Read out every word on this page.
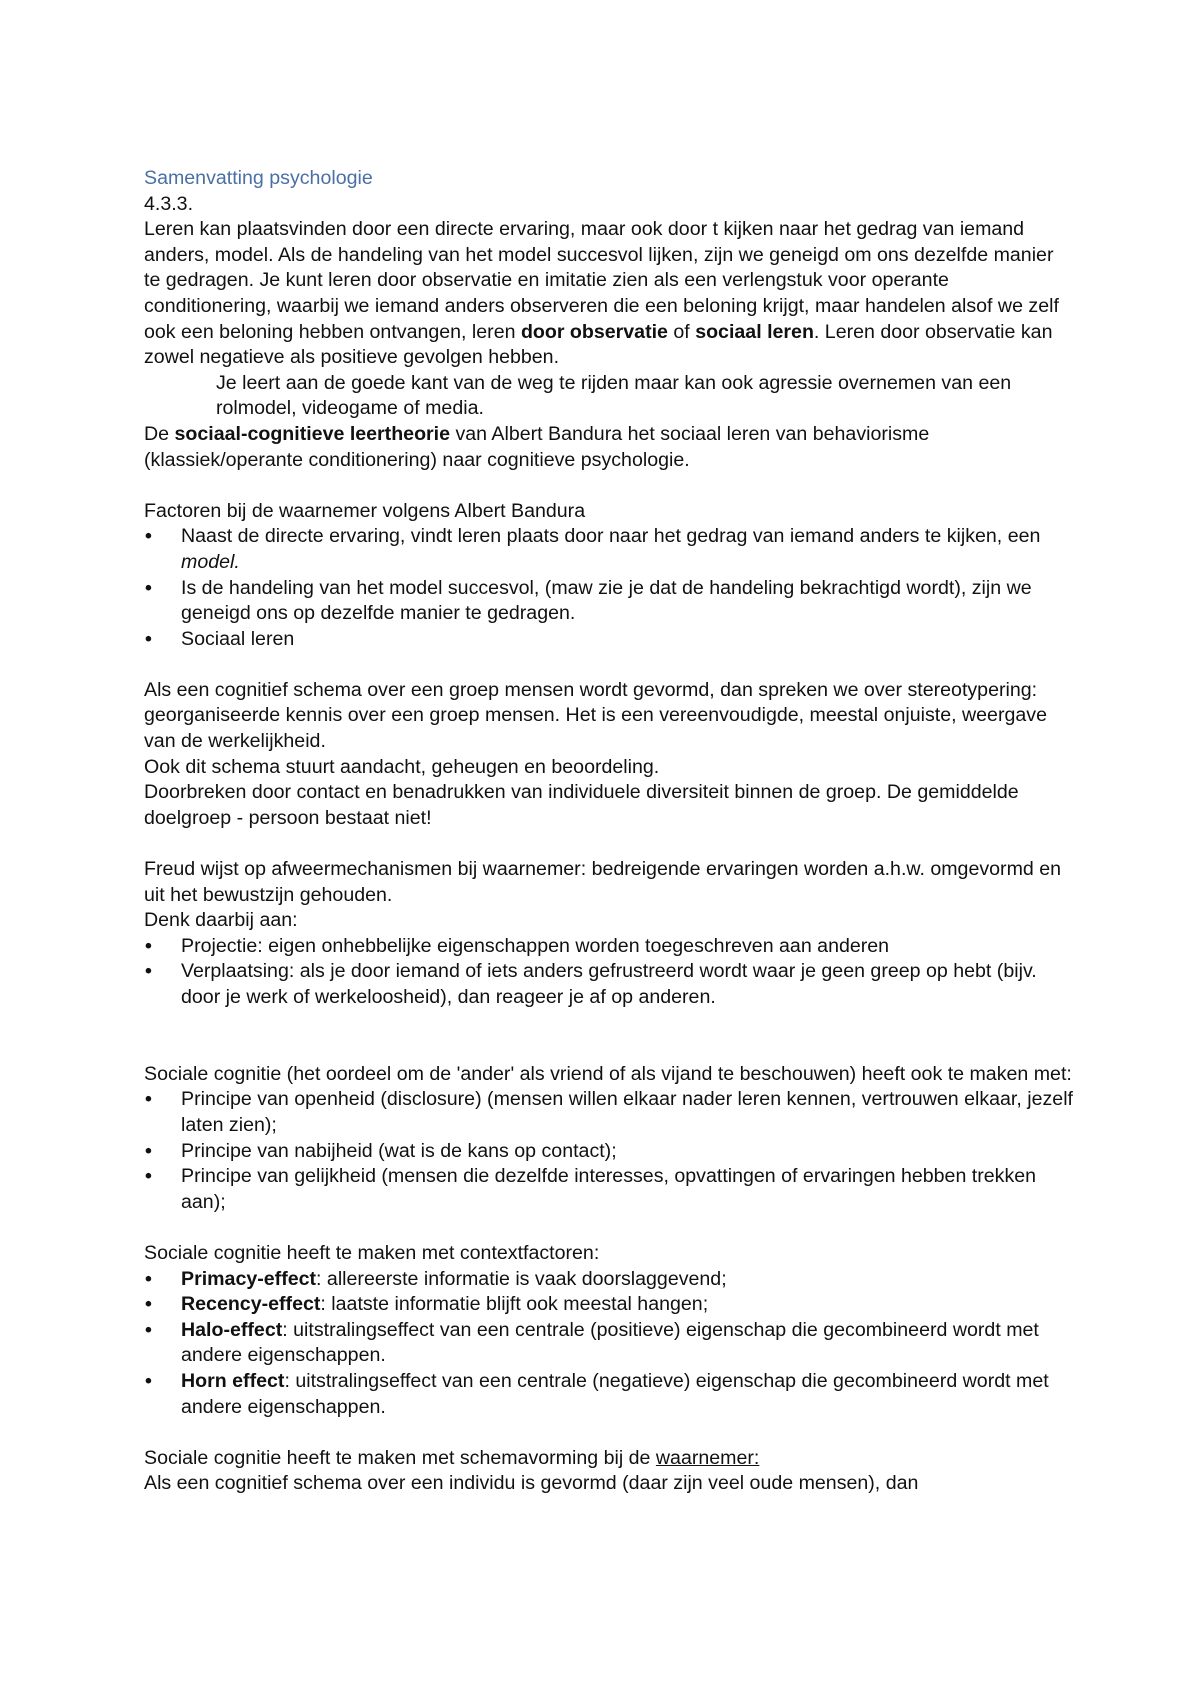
Samenvatting psychologie

4.3.3.

Leren kan plaatsvinden door een directe ervaring, maar ook door t kijken naar het gedrag van iemand anders, model. Als de handeling van het model succesvol lijken, zijn we geneigd om ons dezelfde manier te gedragen. Je kunt leren door observatie en imitatie zien als een verlengstuk voor operante conditionering, waarbij we iemand anders observeren die een beloning krijgt, maar handelen alsof we zelf ook een beloning hebben ontvangen, leren door observatie of sociaal leren. Leren door observatie kan zowel negatieve als positieve gevolgen hebben.

Je leert aan de goede kant van de weg te rijden maar kan ook agressie overnemen van een rolmodel, videogame of media.

De sociaal-cognitieve leertheorie van Albert Bandura het sociaal leren van behaviorisme (klassiek/operante conditionering) naar cognitieve psychologie.

Factoren bij de waarnemer volgens Albert Bandura

• Naast de directe ervaring, vindt leren plaats door naar het gedrag van iemand anders te kijken, een model.
• Is de handeling van het model succesvol, (maw zie je dat de handeling bekrachtigd wordt), zijn we geneigd ons op dezelfde manier te gedragen.
• Sociaal leren

Als een cognitief schema over een groep mensen wordt gevormd, dan spreken we over stereotypering: georganiseerde kennis over een groep mensen. Het is een vereenvoudigde, meestal onjuiste, weergave van de werkelijkheid.

Ook dit schema stuurt aandacht, geheugen en beoordeling.

Doorbreken door contact en benadrukken van individuele diversiteit binnen de groep. De gemiddelde doelgroep - persoon bestaat niet!

Freud wijst op afweermechanismen bij waarnemer: bedreigende ervaringen worden a.h.w. omgevormd en uit het bewustzijn gehouden.

Denk daarbij aan:

• Projectie: eigen onhebbelijke eigenschappen worden toegeschreven aan anderen
• Verplaatsing: als je door iemand of iets anders gefrustreerd wordt waar je geen greep op hebt (bijv. door je werk of werkeloosheid), dan reageer je af op anderen.

Sociale cognitie (het oordeel om de 'ander' als vriend of als vijand te beschouwen) heeft ook te maken met:

• Principe van openheid (disclosure) (mensen willen elkaar nader leren kennen, vertrouwen elkaar, jezelf laten zien);
• Principe van nabijheid (wat is de kans op contact);
• Principe van gelijkheid (mensen die dezelfde interesses, opvattingen of ervaringen hebben trekken aan);

Sociale cognitie heeft te maken met contextfactoren:

• Primacy-effect: allereerste informatie is vaak doorslaggevend;
• Recency-effect: laatste informatie blijft ook meestal hangen;
• Halo-effect: uitstralingseffect van een centrale (positieve) eigenschap die gecombineerd wordt met andere eigenschappen.
• Horn effect: uitstralingseffect van een centrale (negatieve) eigenschap die gecombineerd wordt met andere eigenschappen.

Sociale cognitie heeft te maken met schemavorming bij de waarnemer:

Als een cognitief schema over een individu is gevormd (daar zijn veel oude mensen), dan
